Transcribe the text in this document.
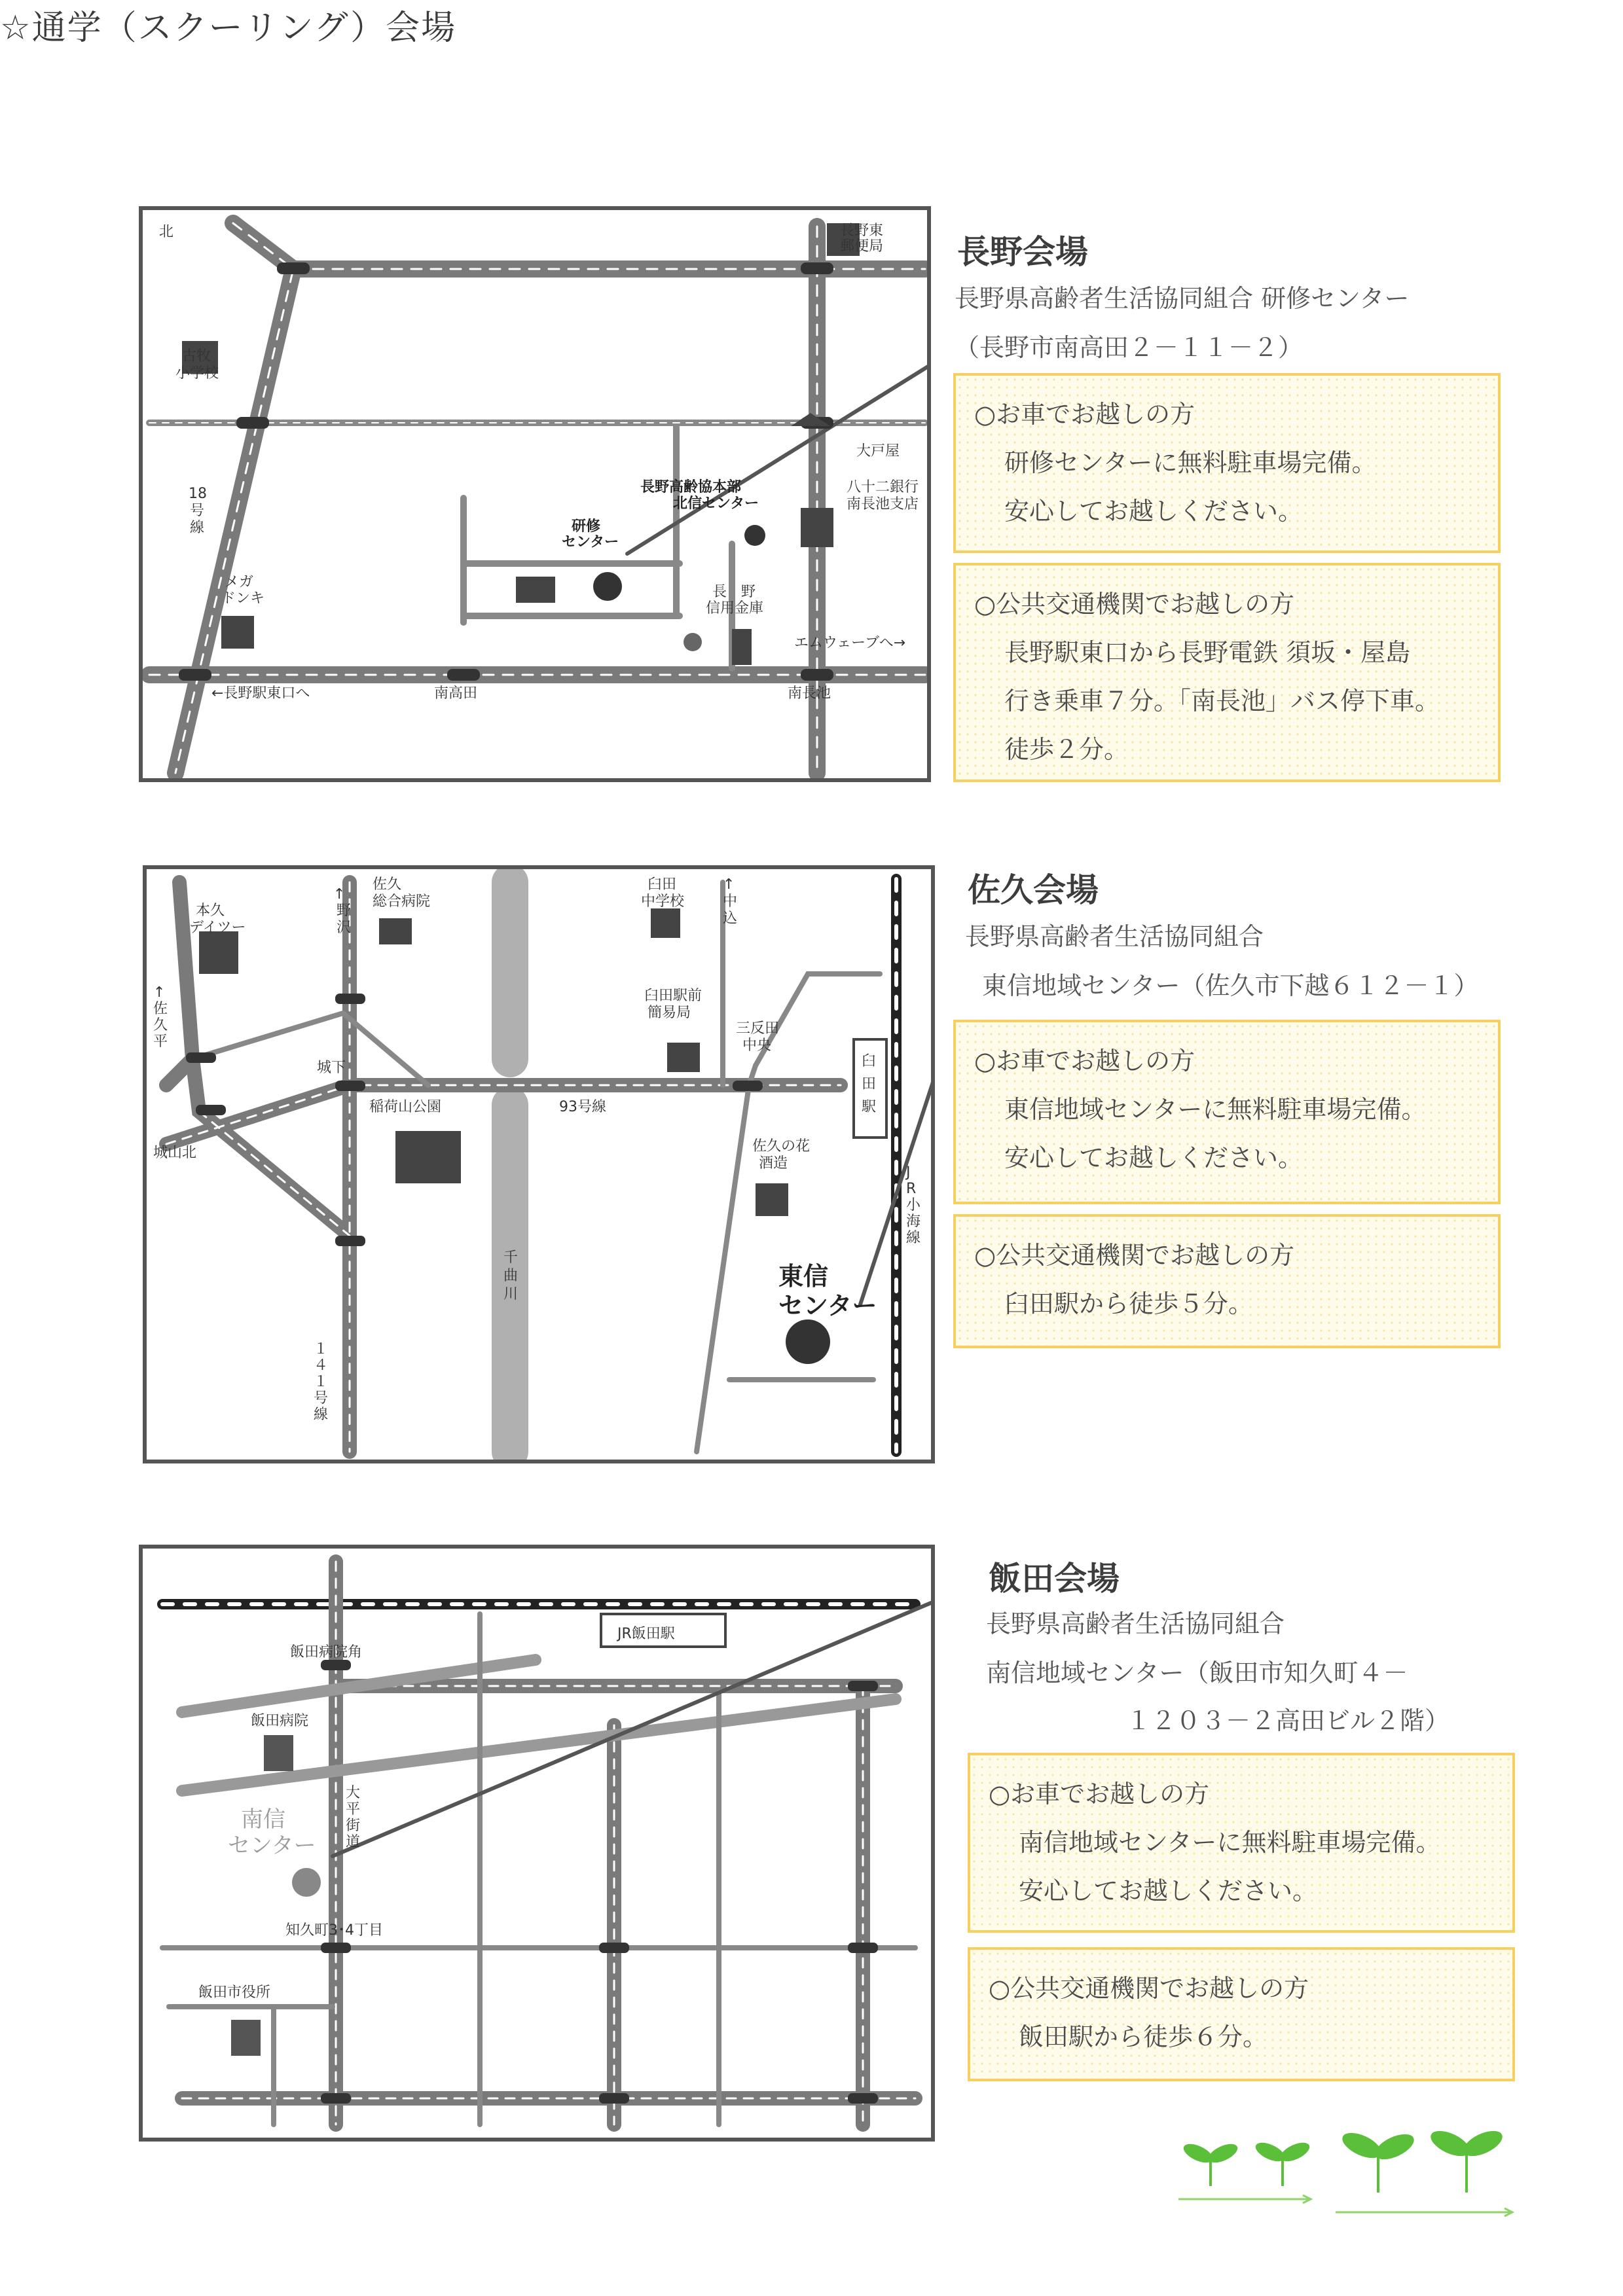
☆通学（スクーリング）会場
北	長野東
郵便局
古牧
小学校
大戸屋
八十二銀行
南長池支店
長野高齢協本部
北信センター
研修
センター
18
号
線
メガ
ドンキ	長　野
信用金庫
エムウェーブへ→
←長野駅東口へ	南高田	南長池
長野会場
長野県高齢者生活協同組合 研修センター
（長野市南高田２－１１－２）
○お車でお越しの方
研修センターに無料駐車場完備。
安心してお越しください。
○公共交通機関でお越しの方
長野駅東口から長野電鉄 須坂・屋島
行き乗車７分。「南長池」バス停下車。
徒歩２分。
本久
デイツー
↑
野
沢
佐久
総合病院
臼田
中学校
↑
中
込
↑
佐
久
平
臼田駅前
簡易局
三反田
中央
臼
田
駅
城下
93号線
稲荷山公園
城山北	佐久の花
酒造
J
R
小
海
線
千
曲
川
東信
センター
１
４
１
号
線
佐久会場
長野県高齢者生活協同組合
東信地域センター（佐久市下越６１２－１）
○お車でお越しの方
東信地域センターに無料駐車場完備。
安心してお越しください。
○公共交通機関でお越しの方
臼田駅から徒歩５分。
JR飯田駅
飯田病院角
飯田病院
南信
センター
大
平
街
道
知久町3･4丁目
飯田市役所
飯田会場
長野県高齢者生活協同組合
南信地域センター（飯田市知久町４－
１２０３－２高田ビル２階）
○お車でお越しの方
南信地域センターに無料駐車場完備。
安心してお越しください。
○公共交通機関でお越しの方
飯田駅から徒歩６分。
